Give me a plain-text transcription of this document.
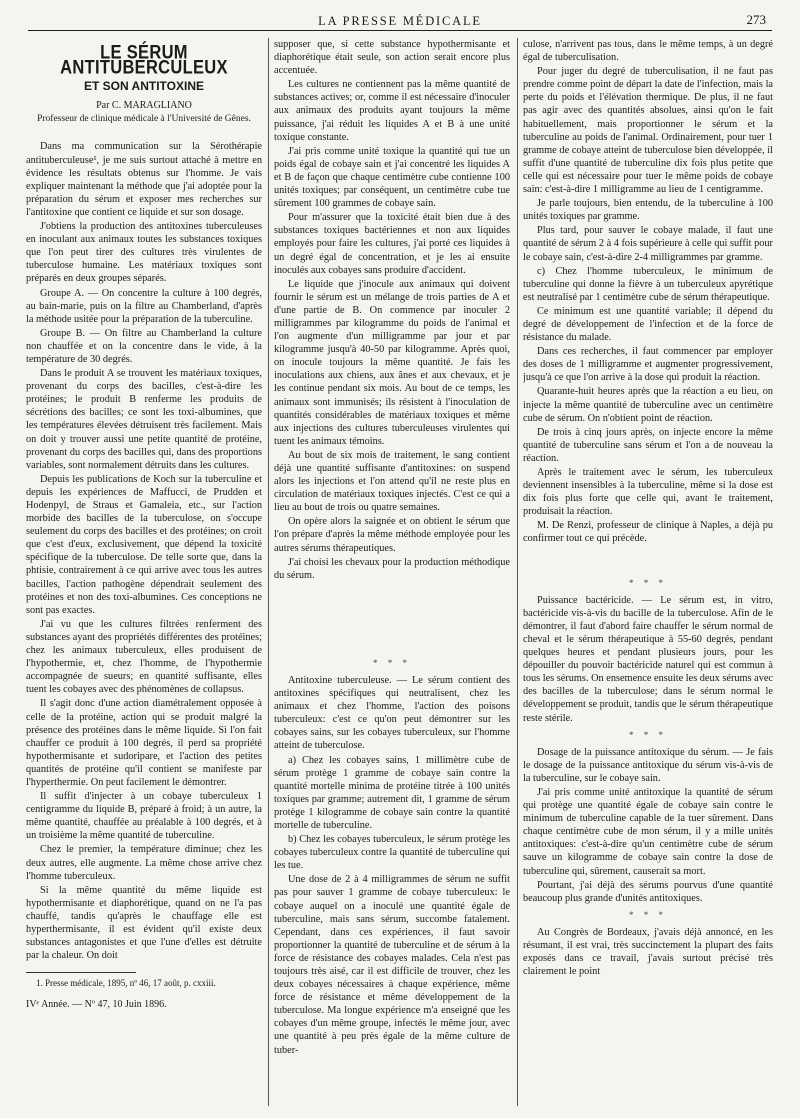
LA PRESSE MÉDICALE	273
LE SÉRUM ANTITUBERCULEUX
ET SON ANTITOXINE
Par C. MARAGLIANO
Professeur de clinique médicale à l'Université de Gênes.

Dans ma communication sur la Sérothérapie antituberculeuse¹, je me suis surtout attaché à mettre en évidence les résultats obtenus sur l'homme. Je vais expliquer maintenant la méthode que j'ai adoptée pour la préparation du sérum et exposer mes recherches sur l'antitoxine que contient ce liquide et sur son dosage.

J'obtiens la production des antitoxines tuberculeuses en inoculant aux animaux toutes les substances toxiques que l'on peut tirer des cultures très virulentes de tuberculose humaine. Les matériaux toxiques sont préparés en deux groupes séparés.

Groupe A. — On concentre la culture à 100 degrés, au bain-marie, puis on la filtre au Chamberland, d'après la méthode usitée pour la préparation de la tuberculine.

Groupe B. — On filtre au Chamberland la culture non chauffée et on la concentre dans le vide, à la température de 30 degrés.

Dans le produit A se trouvent les matériaux toxiques, provenant du corps des bacilles, c'est-à-dire les protéines; le produit B renferme les produits de sécrétions des bacilles; ce sont les toxi-albumines, que les températures élevées détruisent très facilement. Mais on doit y trouver aussi une petite quantité de protéine, provenant du corps des bacilles qui, dans des proportions variables, sont normalement détruits dans les cultures.

Depuis les publications de Koch sur la tuberculine et depuis les expériences de Maffucci, de Prudden et Hodenpyl, de Straus et Gamaleia, etc., sur l'action morbide des bacilles de la tuberculose, on s'occupe seulement du corps des bacilles et des protéines; on croit que c'est d'eux, exclusivement, que dépend la toxicité spécifique de la tuberculose. De telle sorte que, dans la phtisie, contrairement à ce qui arrive avec tous les autres bacilles, l'action pathogène dépendrait seulement des protéines et non des toxi-albumines. Ces conceptions ne sont pas exactes.

J'ai vu que les cultures filtrées renferment des substances ayant des propriétés différentes des protéines; chez les animaux tuberculeux, elles produisent de l'hypothermie, et, chez l'homme, de l'hypothermie accompagnée de sueurs; en quantité suffisante, elles tuent les cobayes avec des phénomènes de collapsus.

Il s'agit donc d'une action diamétralement opposée à celle de la protéine, action qui se produit malgré la présence des protéines dans le même liquide. Si l'on fait chauffer ce produit à 100 degrés, il perd sa propriété hypothermisante et sudoripare, et l'action des petites quantités de protéine qu'il contient se manifeste par l'hyperthermie. On peut facilement le démontrer.

Il suffit d'injecter à un cobaye tuberculeux 1 centigramme du liquide B, préparé à froid; à un autre, la même quantité, chauffée au préalable à 100 degrés, et à un troisième la même quantité de tuberculine.

Chez le premier, la température diminue; chez les deux autres, elle augmente. La même chose arrive chez l'homme tuberculeux.

Si la même quantité du même liquide est hypothermisante et diaphorétique, quand on ne l'a pas chauffé, tandis qu'après le chauffage elle est hyperthermisante, il est évident qu'il existe deux substances antagonistes et que l'une d'elles est détruite par la chaleur. On doit

1. Presse médicale, 1895, nº 46, 17 août, p. cxxiii.

IVᵉ Année. — Nº 47, 10 Juin 1896.

supposer que, si cette substance hypothermisante et diaphorétique était seule, son action serait encore plus accentuée.

Les cultures ne contiennent pas la même quantité de substances actives; or, comme il est nécessaire d'inoculer aux animaux des produits ayant toujours la même puissance, j'ai réduit les liquides A et B à une unité toxique constante.

J'ai pris comme unité toxique la quantité qui tue un poids égal de cobaye sain et j'ai concentré les liquides A et B de façon que chaque centimètre cube contienne 100 unités toxiques; par conséquent, un centimètre cube tue sûrement 100 grammes de cobaye sain.

Pour m'assurer que la toxicité était bien due à des substances toxiques bactériennes et non aux liquides employés pour faire les cultures, j'ai porté ces liquides à un degré égal de concentration, et je les ai ensuite inoculés aux cobayes sans produire d'accident.

Le liquide que j'inocule aux animaux qui doivent fournir le sérum est un mélange de trois parties de A et d'une partie de B. On commence par inoculer 2 milligrammes par kilogramme du poids de l'animal et l'on augmente d'un milligramme par jour et par kilogramme jusqu'à 40-50 par kilogramme. Après quoi, on inocule toujours la même quantité. Je fais les inoculations aux chiens, aux ânes et aux chevaux, et je les continue pendant six mois. Au bout de ce temps, les animaux sont immunisés; ils résistent à l'inoculation de quantités considérables de matériaux toxiques et même aux injections des cultures tuberculeuses virulentes qui tuent les animaux témoins.

Au bout de six mois de traitement, le sang contient déjà une quantité suffisante d'antitoxines: on suspend alors les injections et l'on attend qu'il ne reste plus en circulation de matériaux toxiques injectés. C'est ce qui a lieu au bout de trois ou quatre semaines.

On opère alors la saignée et on obtient le sérum que l'on prépare d'après la même méthode employée pour les autres sérums thérapeutiques.

J'ai choisi les chevaux pour la production méthodique du sérum.

* * *

Antitoxine tuberculeuse. — Le sérum contient des antitoxines spécifiques qui neutralisent, chez les animaux et chez l'homme, l'action des poisons tuberculeux: c'est ce qu'on peut démontrer sur les cobayes sains, sur les cobayes tuberculeux, sur l'homme atteint de tuberculose.

a) Chez les cobayes sains, 1 millimètre cube de sérum protège 1 gramme de cobaye sain contre la quantité mortelle minima de protéine titrée à 100 unités toxiques par gramme; autrement dit, 1 gramme de sérum protège 1 kilogramme de cobaye sain contre la quantité mortelle de tuberculine.

b) Chez les cobayes tuberculeux, le sérum protège les cobayes tuberculeux contre la quantité de tuberculine qui les tue.

Une dose de 2 à 4 milligrammes de sérum ne suffit pas pour sauver 1 gramme de cobaye tuberculeux: le cobaye auquel on a inoculé une quantité égale de tuberculine, mais sans sérum, succombe fatalement. Cependant, dans ces expériences, il faut savoir proportionner la quantité de tuberculine et de sérum à la force de résistance des cobayes malades. Cela n'est pas toujours très aisé, car il est difficile de trouver, chez les deux cobayes nécessaires à chaque expérience, même force de résistance et même développement de la tuberculose. Ma longue expérience m'a enseigné que les cobayes d'un même groupe, infectés le même jour, avec une quantité à peu près égale de la même culture de tuber-

culose, n'arrivent pas tous, dans le même temps, à un degré égal de tuberculisation.

Pour juger du degré de tuberculisation, il ne faut pas prendre comme point de départ la date de l'infection, mais la perte du poids et l'élévation thermique. De plus, il ne faut pas agir avec des quantités absolues, ainsi qu'on le fait habituellement, mais proportionner le sérum et la tuberculine au poids de l'animal. Ordinairement, pour tuer 1 gramme de cobaye atteint de tuberculose bien développée, il suffit d'une quantité de tuberculine dix fois plus petite que celle qui est nécessaire pour tuer le même poids de cobaye sain: c'est-à-dire 1 milligramme au lieu de 1 centigramme.

Je parle toujours, bien entendu, de la tuberculine à 100 unités toxiques par gramme.

Plus tard, pour sauver le cobaye malade, il faut une quantité de sérum 2 à 4 fois supérieure à celle qui suffit pour le cobaye sain, c'est-à-dire 2-4 milligrammes par gramme.

c) Chez l'homme tuberculeux, le minimum de tuberculine qui donne la fièvre à un tuberculeux apyrétique est neutralisé par 1 centimètre cube de sérum thérapeutique.

Ce minimum est une quantité variable; il dépend du degré de développement de l'infection et de la force de résistance du malade.

Dans ces recherches, il faut commencer par employer des doses de 1 milligramme et augmenter progressivement, jusqu'à ce que l'on arrive à la dose qui produit la réaction.

Quarante-huit heures après que la réaction a eu lieu, on injecte la même quantité de tuberculine avec un centimètre cube de sérum. On n'obtient point de réaction.

De trois à cinq jours après, on injecte encore la même quantité de tuberculine sans sérum et l'on a de nouveau la réaction.

Après le traitement avec le sérum, les tuberculeux deviennent insensibles à la tuberculine, même si la dose est dix fois plus forte que celle qui, avant le traitement, produisait la réaction.

M. De Renzi, professeur de clinique à Naples, a déjà pu confirmer tout ce qui précède.

* * *

Puissance bactéricide. — Le sérum est, in vitro, bactéricide vis-à-vis du bacille de la tuberculose. Afin de le démontrer, il faut d'abord faire chauffer le sérum normal de cheval et le sérum thérapeutique à 55-60 degrés, pendant quelques heures et pendant plusieurs jours, pour les dépouiller du pouvoir bactéricide naturel qui est commun à tous les sérums. On ensemence ensuite les deux sérums avec des bacilles de la tuberculose; dans le sérum normal le développement se produit, tandis que le sérum thérapeutique reste stérile.

* * *

Dosage de la puissance antitoxique du sérum. — Je fais le dosage de la puissance antitoxique du sérum vis-à-vis de la tuberculine, sur le cobaye sain.

J'ai pris comme unité antitoxique la quantité de sérum qui protège une quantité égale de cobaye sain contre le minimum de tuberculine capable de la tuer sûrement. Dans chaque centimètre cube de mon sérum, il y a mille unités antitoxiques: c'est-à-dire qu'un centimètre cube de sérum sauve un kilogramme de cobaye sain contre la dose de tuberculine qui, sûrement, causerait sa mort.

Pourtant, j'ai déjà des sérums pourvus d'une quantité beaucoup plus grande d'unités antitoxiques.

* * *

Au Congrès de Bordeaux, j'avais déjà annoncé, en les résumant, il est vrai, très succinctement la plupart des faits exposés dans ce travail, j'avais surtout précisé très clairement le point
